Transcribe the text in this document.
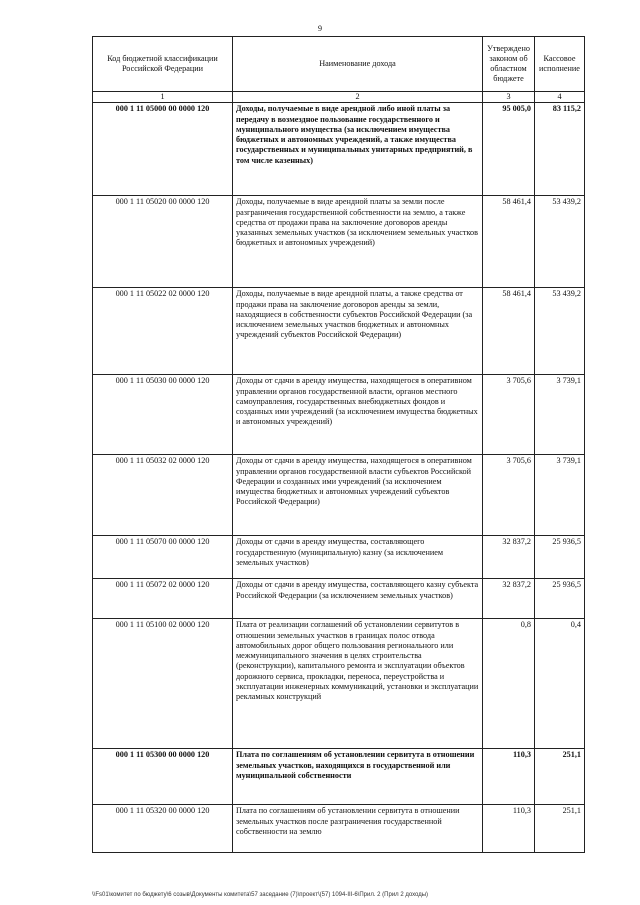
9
Код бюджетной классификации Российской Федерации	Наименование дохода	Утверждено законом об областном бюджете	Кассовое исполнение
1	2	3	4
000 1 11 05000 00 0000 120	Доходы, получаемые в виде арендной либо иной платы за передачу в возмездное пользование государственного и муниципального имущества (за исключением имущества бюджетных и автономных учреждений, а также имущества государственных и муниципальных унитарных предприятий, в том числе казенных)	95 005,0	83 115,2
000 1 11 05020 00 0000 120	Доходы, получаемые в виде арендной платы за земли после разграничения государственной собственности на землю, а также средства от продажи права на заключение договоров аренды указанных земельных участков (за исключением земельных участков бюджетных и автономных учреждений)	58 461,4	53 439,2
000 1 11 05022 02 0000 120	Доходы, получаемые в виде арендной платы, а также средства от продажи права на заключение договоров аренды за земли, находящиеся в собственности субъектов Российской Федерации (за исключением земельных участков бюджетных и автономных учреждений субъектов Российской Федерации)	58 461,4	53 439,2
000 1 11 05030 00 0000 120	Доходы от сдачи в аренду имущества, находящегося в оперативном управлении органов государственной власти, органов местного самоуправления, государственных внебюджетных фондов и созданных ими учреждений (за исключением имущества бюджетных и автономных учреждений)	3 705,6	3 739,1
000 1 11 05032 02 0000 120	Доходы от сдачи в аренду имущества, находящегося в оперативном управлении органов государственной власти субъектов Российской Федерации и созданных ими учреждений (за исключением имущества бюджетных и автономных учреждений субъектов Российской Федерации)	3 705,6	3 739,1
000 1 11 05070 00 0000 120	Доходы от сдачи в аренду имущества, составляющего государственную (муниципальную) казну (за исключением земельных участков)	32 837,2	25 936,5
000 1 11 05072 02 0000 120	Доходы от сдачи в аренду имущества, составляющего казну субъекта Российской Федерации (за исключением земельных участков)	32 837,2	25 936,5
000 1 11 05100 02 0000 120	Плата от реализации соглашений об установлении сервитутов в отношении земельных участков в границах полос отвода автомобильных дорог общего пользования регионального или межмуниципального значения в целях строительства (реконструкции), капитального ремонта и эксплуатации объектов дорожного сервиса, прокладки, переноса, переустройства и эксплуатации инженерных коммуникаций, установки и эксплуатации рекламных конструкций	0,8	0,4
000 1 11 05300 00 0000 120	Плата по соглашениям об установлении сервитута в отношении земельных участков, находящихся в государственной или муниципальной собственности	110,3	251,1
000 1 11 05320 00 0000 120	Плата по соглашениям об установлении сервитута в отношении земельных участков после разграничения государственной собственности на землю	110,3	251,1
\\Fs01\комитет по бюджету\6 созыв\Документы комитета\57 заседание (7)\проект\(57) 1094-III-6\Прил. 2 (Прил 2 доходы)
